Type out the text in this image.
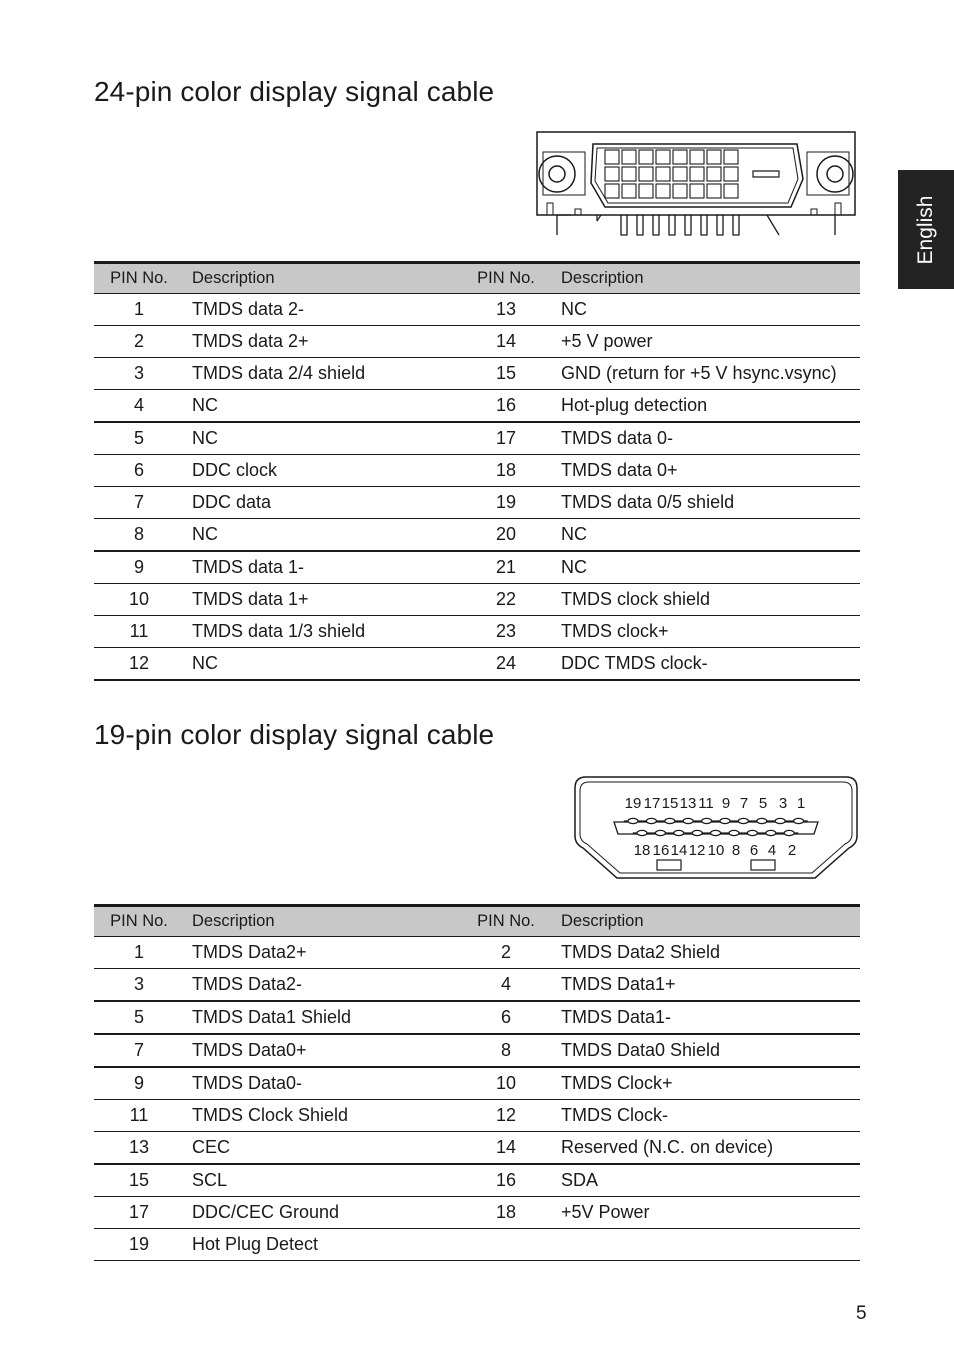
24-pin color display signal cable
English
PIN No.	Description	PIN No.	Description
1	TMDS data 2-	13	NC
2	TMDS data 2+	14	+5 V power
3	TMDS data 2/4 shield	15	GND (return for +5 V hsync.vsync)
4	NC	16	Hot-plug detection
5	NC	17	TMDS data 0-
6	DDC clock	18	TMDS data 0+
7	DDC data	19	TMDS data 0/5 shield
8	NC	20	NC
9	TMDS data 1-	21	NC
10	TMDS data 1+	22	TMDS clock shield
11	TMDS data 1/3 shield	23	TMDS clock+
12	NC	24	DDC TMDS clock-
19-pin color display signal cable
19 17 15 13 11 9 7 5 3 1
18 16 14 12 10 8 6 4 2
PIN No.	Description	PIN No.	Description
1	TMDS Data2+	2	TMDS Data2 Shield
3	TMDS Data2-	4	TMDS Data1+
5	TMDS Data1 Shield	6	TMDS Data1-
7	TMDS Data0+	8	TMDS Data0 Shield
9	TMDS Data0-	10	TMDS Clock+
11	TMDS Clock Shield	12	TMDS Clock-
13	CEC	14	Reserved (N.C. on device)
15	SCL	16	SDA
17	DDC/CEC Ground	18	+5V Power
19	Hot Plug Detect		
5
